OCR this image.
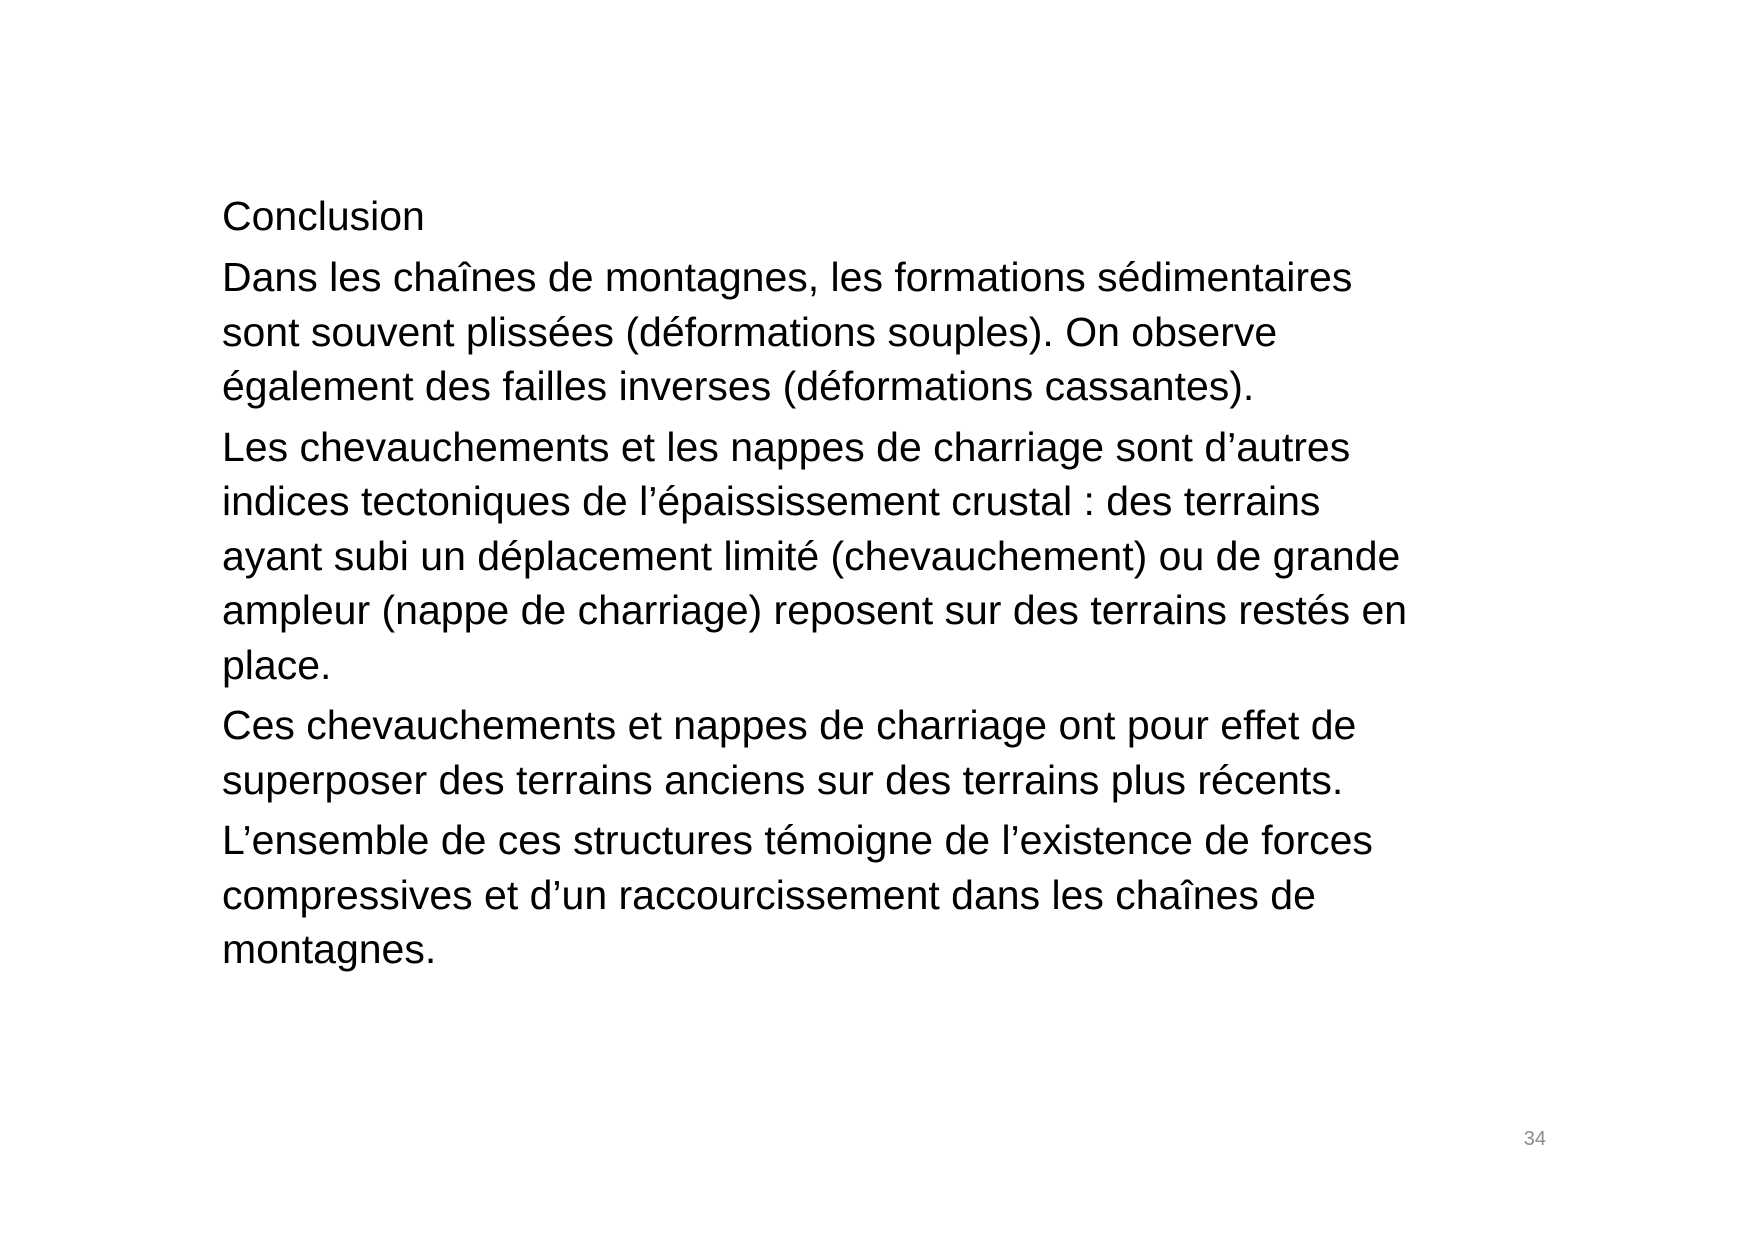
Conclusion
Dans les chaînes de montagnes, les formations sédimentaires
sont souvent plissées (déformations souples). On observe
également des failles inverses (déformations cassantes).
Les chevauchements et les nappes de charriage sont d’autres
indices tectoniques de l’épaississement crustal : des terrains
ayant subi un déplacement limité (chevauchement) ou de grande
ampleur (nappe de charriage) reposent sur des terrains restés en
place.
Ces chevauchements et nappes de charriage ont pour effet de
superposer des terrains anciens sur des terrains plus récents.
L’ensemble de ces structures témoigne de l’existence de forces
compressives et d’un raccourcissement dans les chaînes de
montagnes.
34
